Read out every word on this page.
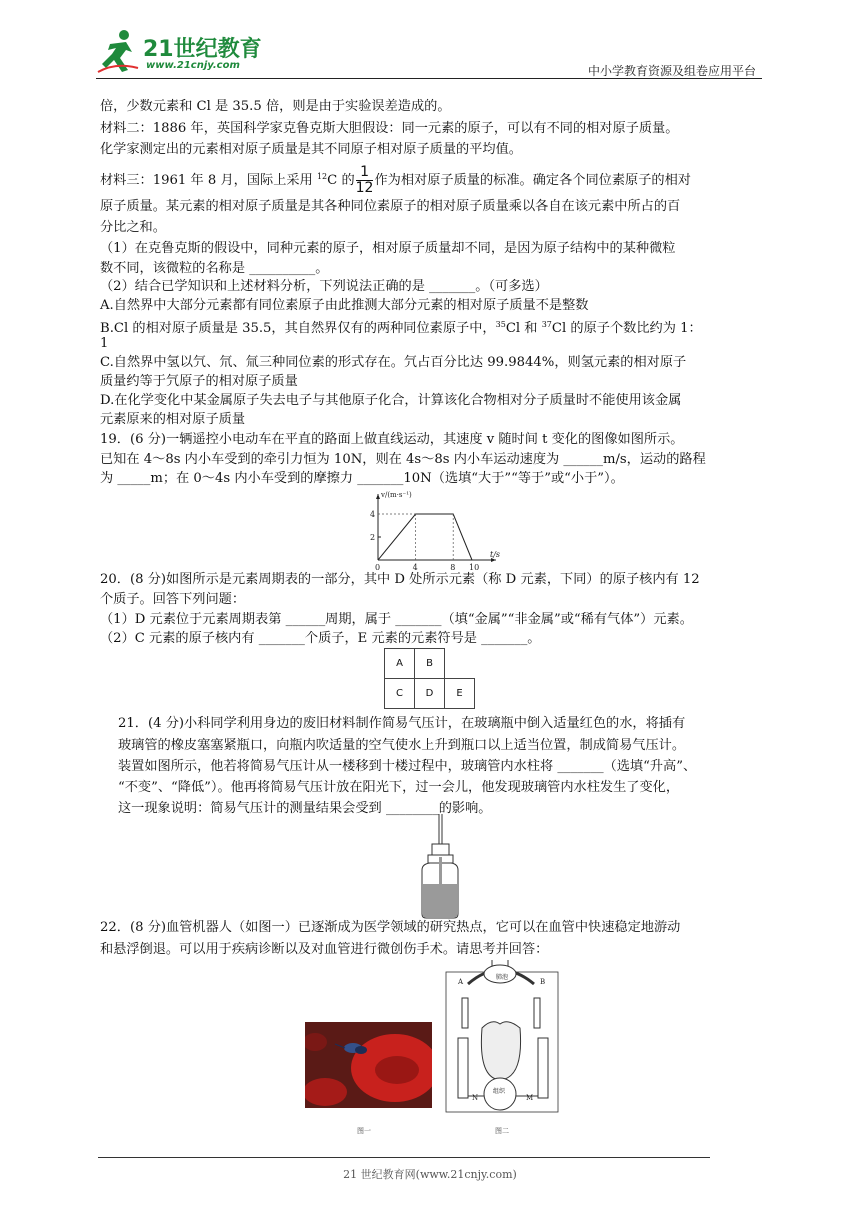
21世纪教育
www.21cnjy.com	中小学教育资源及组卷应用平台
倍，少数元素和 Cl 是 35.5 倍，则是由于实验误差造成的。
材料二：1886 年，英国科学家克鲁克斯大胆假设：同一元素的原子，可以有不同的相对原子质量。
化学家测定出的元素相对原子质量是其不同原子相对原子质量的平均值。
材料三：1961 年 8 月，国际上采用 $^{12}$C 的 $\frac{1}{12}$ 作为相对原子质量的标准。确定各个同位素原子的相对
原子质量。某元素的相对原子质量是其各种同位素原子的相对原子质量乘以各自在该元素中所占的百
分比之和。
（1）在克鲁克斯的假设中，同种元素的原子，相对原子质量却不同，是因为原子结构中的某种微粒
数不同，该微粒的名称是 __________。
（2）结合已学知识和上述材料分析，下列说法正确的是 _______。（可多选）
A.自然界中大部分元素都有同位素原子由此推测大部分元素的相对原子质量不是整数
B.Cl 的相对原子质量是 35.5，其自然界仅有的两种同位素原子中，$^{35}$Cl 和 $^{37}$Cl 的原子个数比约为 1：
1
C.自然界中氢以氕、氘、氚三种同位素的形式存在。氕占百分比达 99.9844%，则氢元素的相对原子
质量约等于氕原子的相对原子质量
D.在化学变化中某金属原子失去电子与其他原子化合，计算该化合物相对分子质量时不能使用该金属
元素原来的相对原子质量
19．(6 分)一辆遥控小电动车在平直的路面上做直线运动，其速度 v 随时间 t 变化的图像如图所示。
已知在 4～8s 内小车受到的牵引力恒为 10N，则在 4s～8s 内小车运动速度为 ______m/s，运动的路程
为 _____m；在 0～4s 内小车受到的摩擦力 _______10N（选填“大于”“等于”或“小于”）。
0	4	8 10
2
4
t/s
v/(m·s⁻¹)
20．(8 分)如图所示是元素周期表的一部分，其中 D 处所示元素（称 D 元素，下同）的原子核内有 12
个质子。回答下列问题：
（1）D 元素位于元素周期表第 ______周期，属于 _______（填“金属”“非金属”或“稀有气体”）元素。
（2）C 元素的原子核内有 _______个质子，E 元素的元素符号是 _______。
A	B	
C	D	E
21．(4 分)小科同学利用身边的废旧材料制作简易气压计，在玻璃瓶中倒入适量红色的水，将插有
玻璃管的橡皮塞塞紧瓶口，向瓶内吹适量的空气使水上升到瓶口以上适当位置，制成简易气压计。
装置如图所示，他若将简易气压计从一楼移到十楼过程中，玻璃管内水柱将 _______（选填“升高”、
“不变”、“降低”）。他再将简易气压计放在阳光下，过一会儿，他发现玻璃管内水柱发生了变化，
这一现象说明：简易气压计的测量结果会受到 ________的影响。
22．(8 分)血管机器人（如图一）已逐渐成为医学领域的研究热点，它可以在血管中快速稳定地游动
和悬浮倒退。可以用于疾病诊断以及对血管进行微创伤手术。请思考并回答：
图一
肺泡
组织
A	B
N	M
图二
21 世纪教育网(www.21cnjy.com)
